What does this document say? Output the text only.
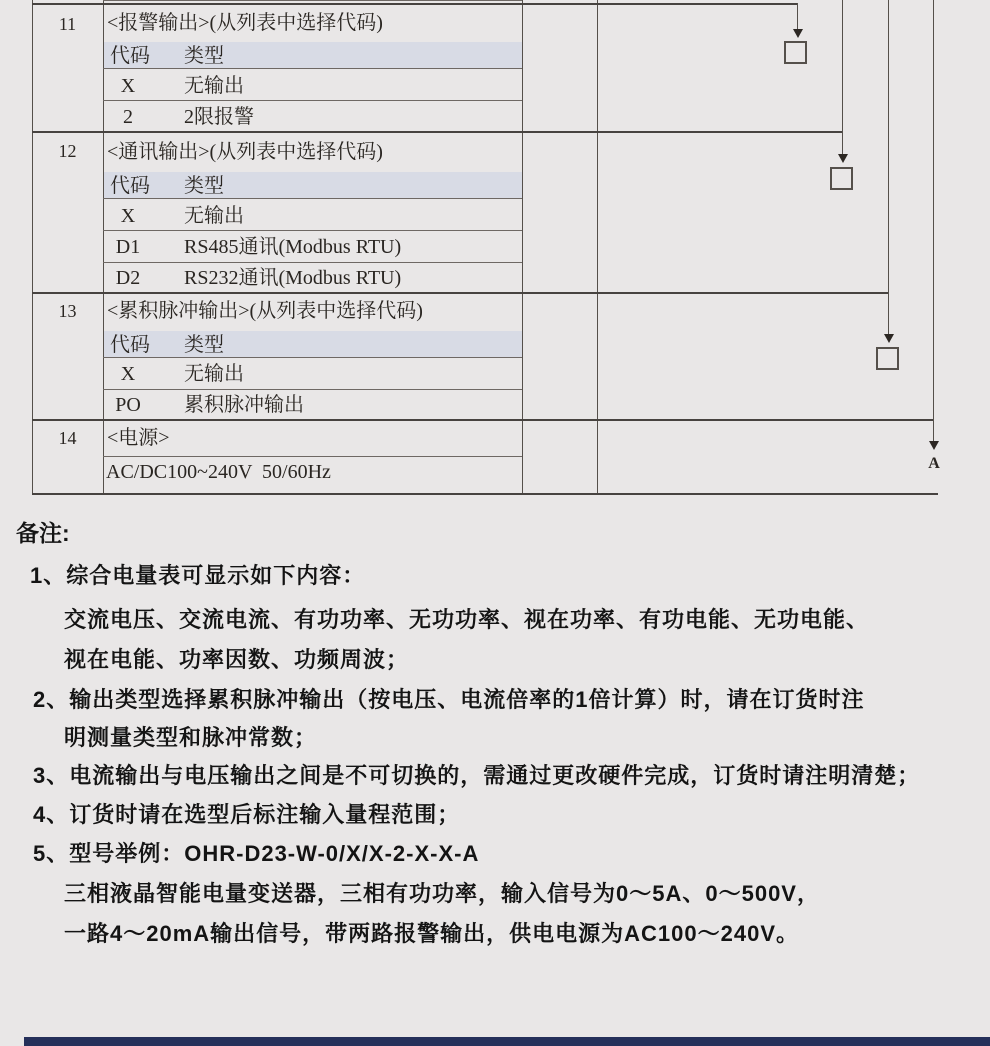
A
11	<报警输出>(从列表中选择代码)
代码 类型
X	无输出
2	2限报警
12	<通讯输出>(从列表中选择代码)
代码 类型
X	无输出
D1	RS485通讯(Modbus RTU)
D2	RS232通讯(Modbus RTU)
13	<累积脉冲输出>(从列表中选择代码)
代码 类型
X	无输出
PO	累积脉冲输出
14	<电源>
AC/DC100~240V  50/60Hz
备注:
1、综合电量表可显示如下内容：
交流电压、交流电流、有功功率、无功功率、视在功率、有功电能、无功电能、
视在电能、功率因数、功频周波；
2、输出类型选择累积脉冲输出（按电压、电流倍率的1倍计算）时，请在订货时注
明测量类型和脉冲常数；
3、电流输出与电压输出之间是不可切换的，需通过更改硬件完成，订货时请注明清楚；
4、订货时请在选型后标注输入量程范围；
5、型号举例：OHR-D23-W-0/X/X-2-X-X-A
三相液晶智能电量变送器，三相有功功率，输入信号为0～5A、0～500V，
一路4～20mA输出信号，带两路报警输出，供电电源为AC100～240V。
